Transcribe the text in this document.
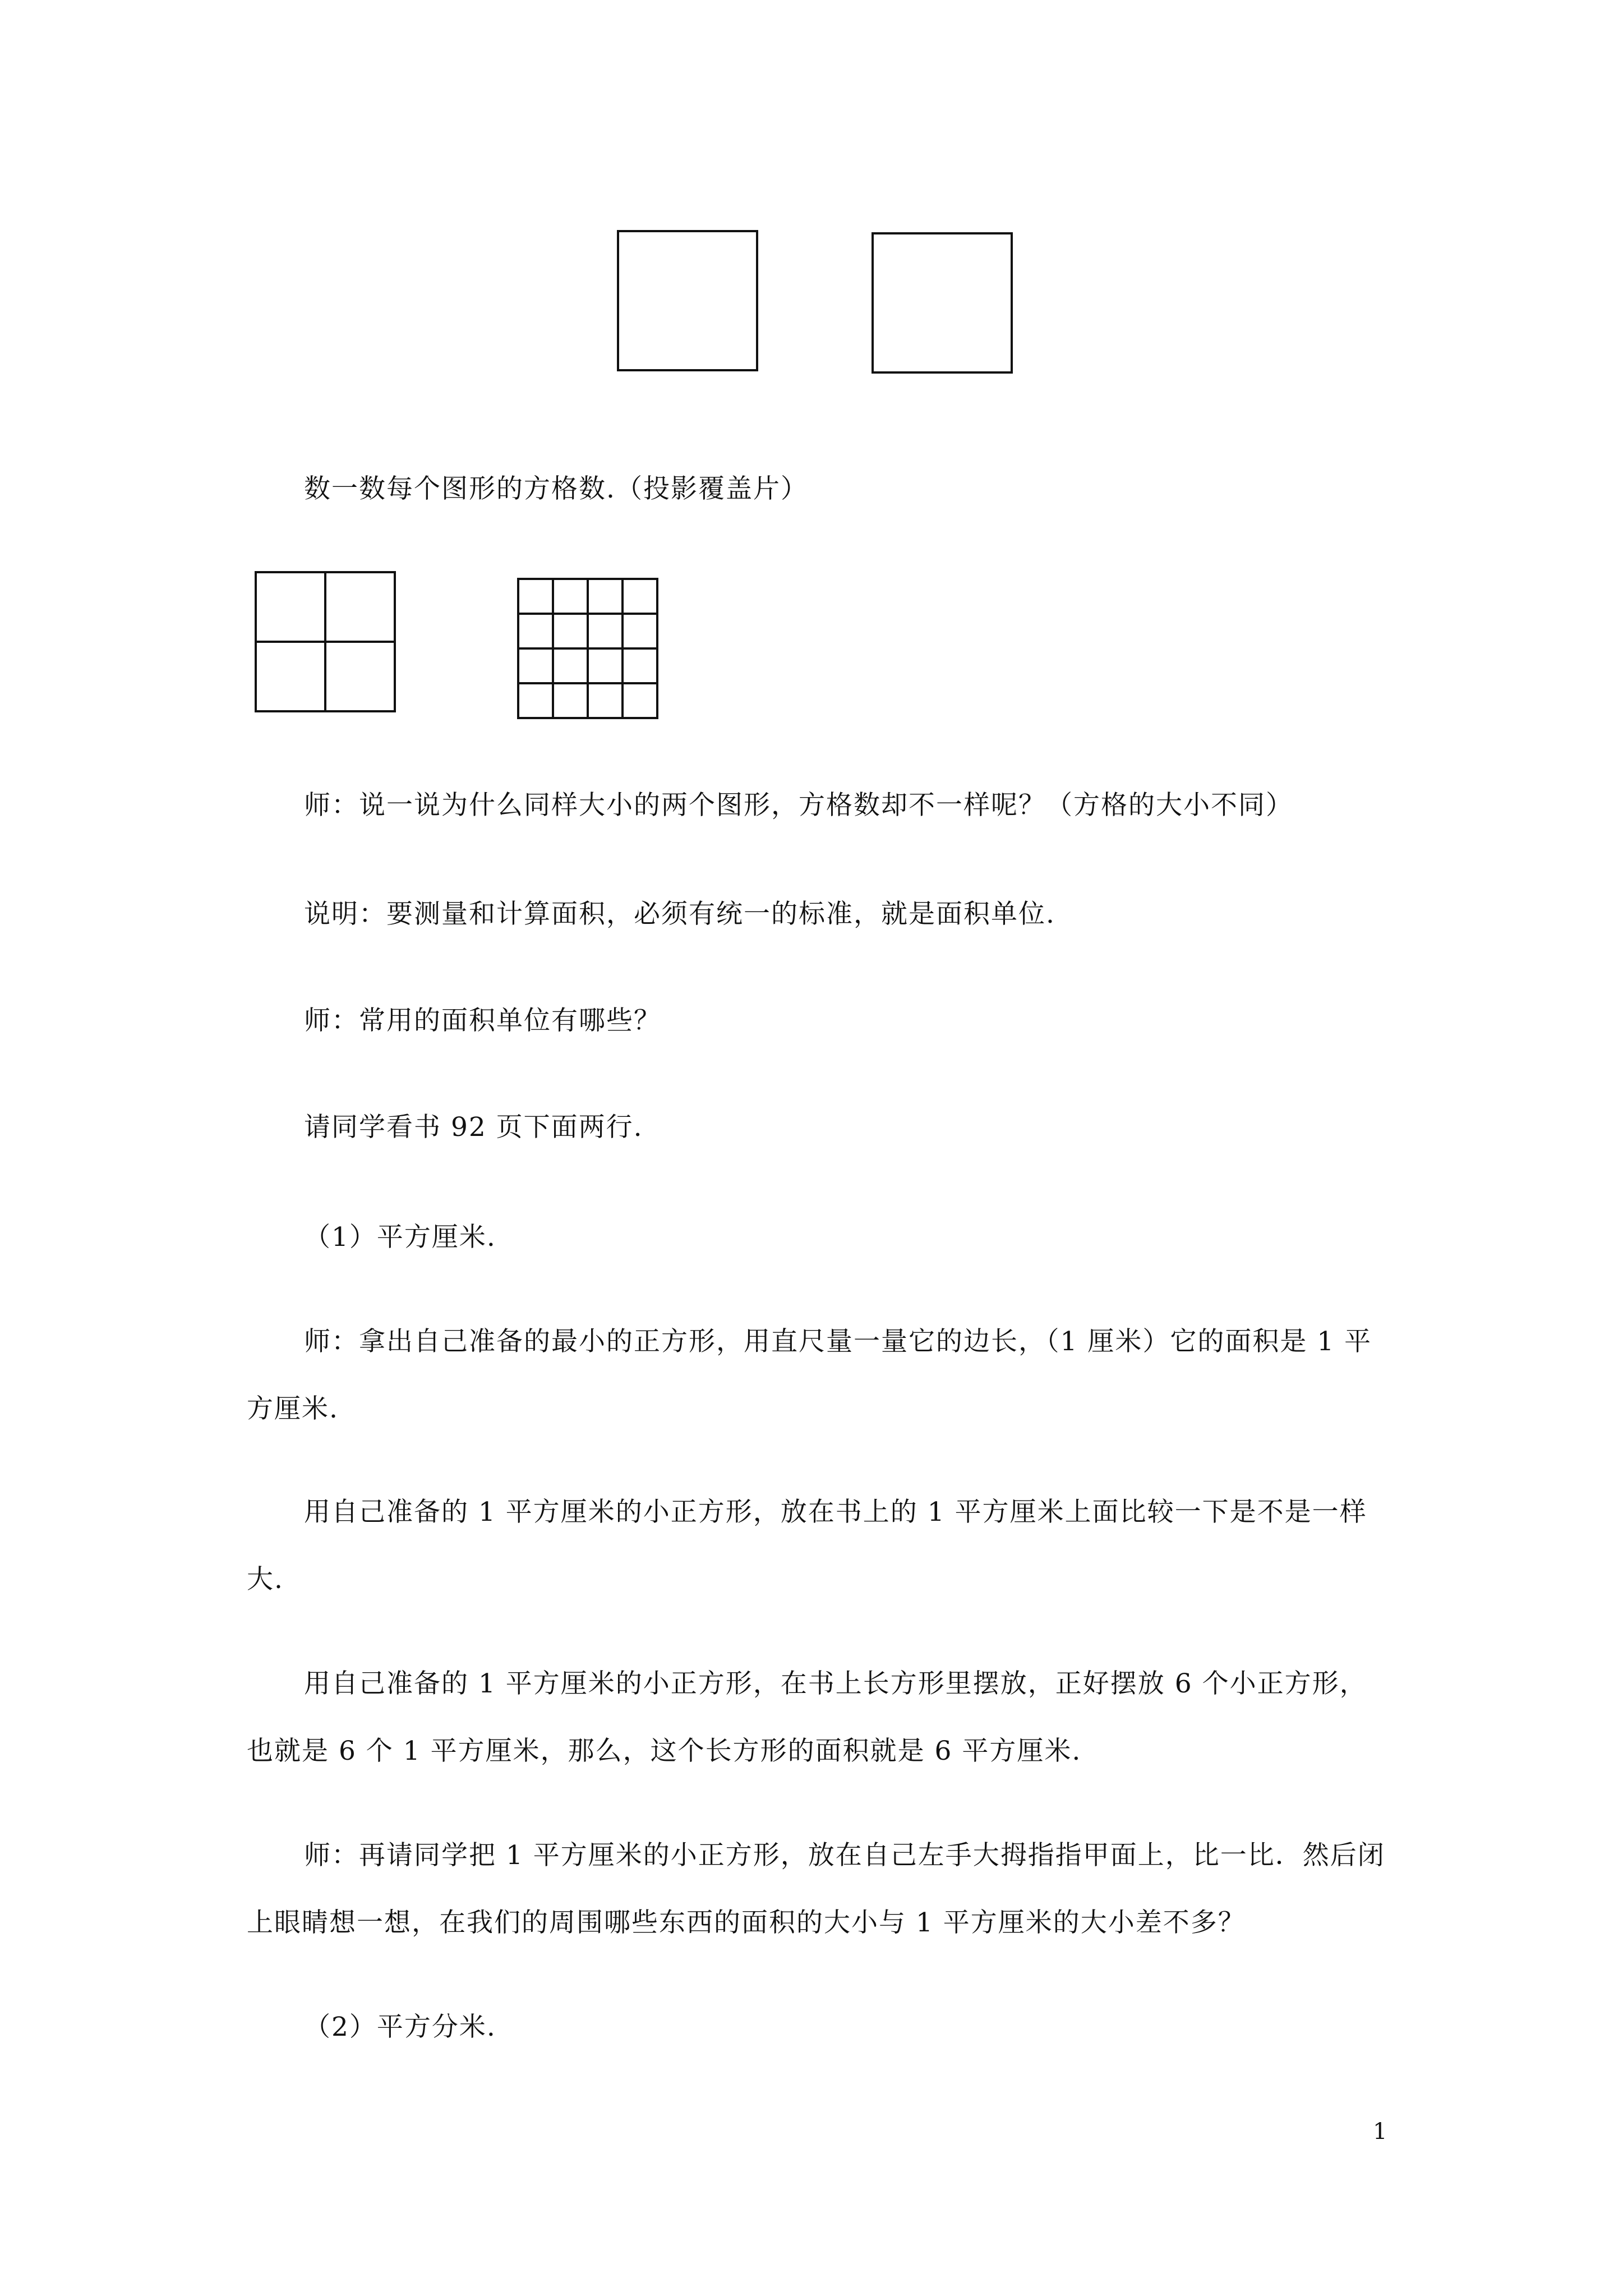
数一数每个图形的方格数.（投影覆盖片）

师：说一说为什么同样大小的两个图形，方格数却不一样呢？（方格的大小不同）

说明：要测量和计算面积，必须有统一的标准，就是面积单位.

师：常用的面积单位有哪些？

请同学看书 92 页下面两行.

（1）平方厘米.

师：拿出自己准备的最小的正方形，用直尺量一量它的边长，（1 厘米）它的面积是 1 平方厘米.

用自己准备的 1 平方厘米的小正方形，放在书上的 1 平方厘米上面比较一下是不是一样大.

用自己准备的 1 平方厘米的小正方形，在书上长方形里摆放，正好摆放 6 个小正方形，也就是 6 个 1 平方厘米，那么，这个长方形的面积就是 6 平方厘米.

师：再请同学把 1 平方厘米的小正方形，放在自己左手大拇指指甲面上，比一比．然后闭上眼睛想一想，在我们的周围哪些东西的面积的大小与 1 平方厘米的大小差不多？

（2）平方分米.

1
